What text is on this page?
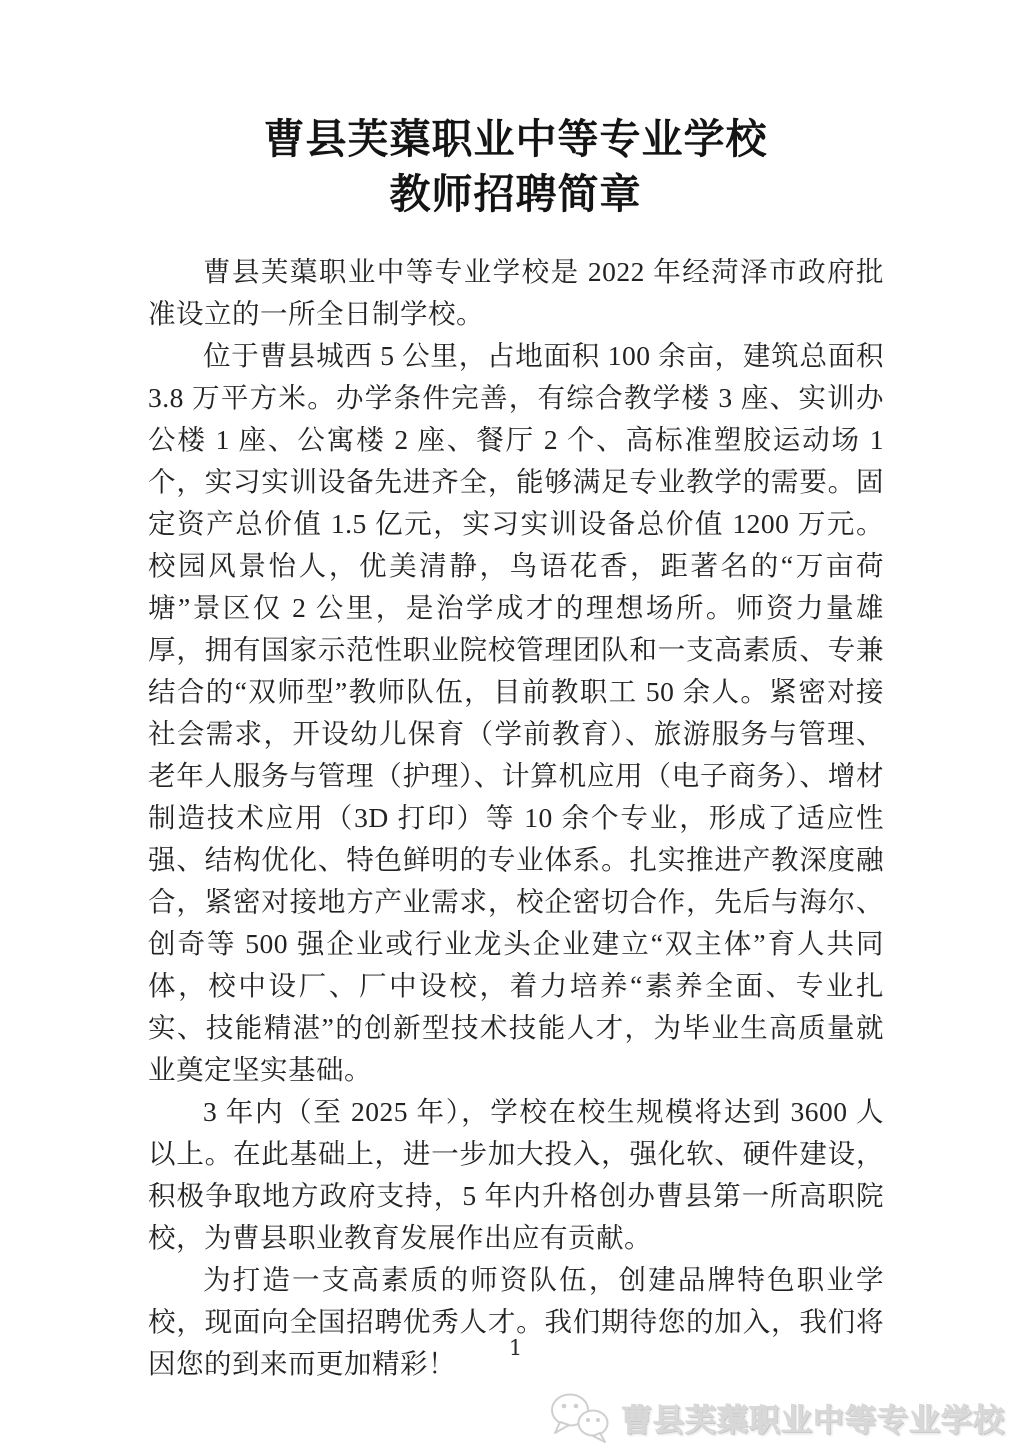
曹县芙蕖职业中等专业学校
教师招聘简章

曹县芙蕖职业中等专业学校是 2022 年经菏泽市政府批准设立的一所全日制学校。

位于曹县城西 5 公里，占地面积 100 余亩，建筑总面积 3.8 万平方米。办学条件完善，有综合教学楼 3 座、实训办公楼 1 座、公寓楼 2 座、餐厅 2 个、高标准塑胶运动场 1 个，实习实训设备先进齐全，能够满足专业教学的需要。固定资产总价值 1.5 亿元，实习实训设备总价值 1200 万元。校园风景怡人，优美清静，鸟语花香，距著名的“万亩荷塘”景区仅 2 公里，是治学成才的理想场所。师资力量雄厚，拥有国家示范性职业院校管理团队和一支高素质、专兼结合的“双师型”教师队伍，目前教职工 50 余人。紧密对接社会需求，开设幼儿保育（学前教育）、旅游服务与管理、老年人服务与管理（护理）、计算机应用（电子商务）、增材制造技术应用（3D 打印）等 10 余个专业，形成了适应性强、结构优化、特色鲜明的专业体系。扎实推进产教深度融合，紧密对接地方产业需求，校企密切合作，先后与海尔、创奇等 500 强企业或行业龙头企业建立“双主体”育人共同体，校中设厂、厂中设校，着力培养“素养全面、专业扎实、技能精湛”的创新型技术技能人才，为毕业生高质量就业奠定坚实基础。

3 年内（至 2025 年），学校在校生规模将达到 3600 人以上。在此基础上，进一步加大投入，强化软、硬件建设，积极争取地方政府支持，5 年内升格创办曹县第一所高职院校，为曹县职业教育发展作出应有贡献。

为打造一支高素质的师资队伍，创建品牌特色职业学校，现面向全国招聘优秀人才。我们期待您的加入，我们将因您的到来而更加精彩！	1
曹县芙蕖职业中等专业学校
